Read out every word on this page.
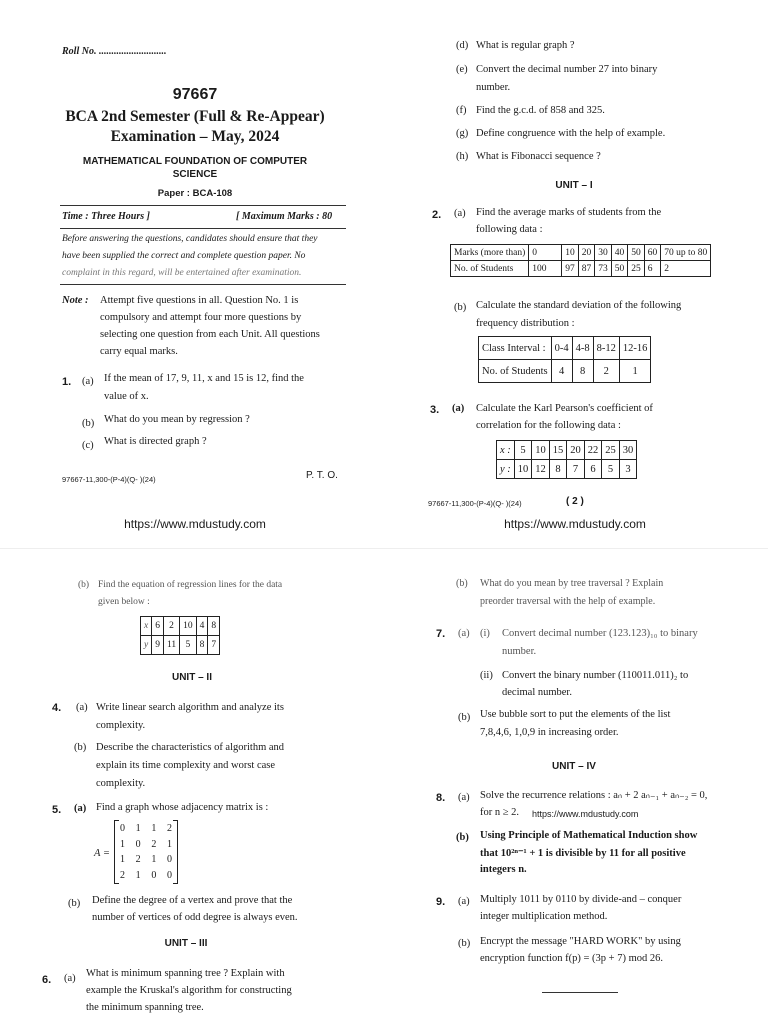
Roll No. ...........................
97667
BCA 2nd Semester (Full & Re-Appear)
Examination – May, 2024
MATHEMATICAL FOUNDATION OF COMPUTER
SCIENCE
Paper : BCA-108
Time : Three Hours ]	[ Maximum Marks : 80
Before answering the questions, candidates should ensure that they
have been supplied the correct and complete question paper. No
complaint in this regard, will be entertained after examination.
Note : Attempt five questions in all. Question No. 1 is
compulsory and attempt four more questions by
selecting one question from each Unit. All questions
carry equal marks.
1. (a) If the mean of 17, 9, 11, x and 15 is 12, find the
value of x.
(b) What do you mean by regression ?
(c) What is directed graph ?
97667-11,300-(P-4)(Q- )(24)	P. T. O.
https://www.mdustudy.com
(d) What is regular graph ?
(e) Convert the decimal number 27 into binary
number.
(f) Find the g.c.d. of 858 and 325.
(g) Define congruence with the help of example.
(h) What is Fibonacci sequence ?
UNIT – I
2. (a) Find the average marks of students from the
following data :
Marks (more than)	0	10	20	30	40	50	60	70 up to 80
No. of Students	100	97	87	73	50	25	6	2
(b) Calculate the standard deviation of the following
frequency distribution :
Class Interval :	0-4	4-8	8-12	12-16
No. of Students	4	8	2	1
3. (a) Calculate the Karl Pearson's coefficient of
correlation for the following data :
x :	5	10	15	20	22	25	30
y :	10	12	8	7	6	5	3
97667-11,300-(P-4)(Q- )(24)	( 2 )
https://www.mdustudy.com
(b) Find the equation of regression lines for the data
given below :
x	6	2	10	4	8
y	9	11	5	8	7
UNIT – II
4. (a) Write linear search algorithm and analyze its
complexity.
(b) Describe the characteristics of algorithm and
explain its time complexity and worst case
complexity.
5. (a) Find a graph whose adjacency matrix is :
A =
0 1 1 2
1 0 2 1
1 2 1 0
2 1 0 0
(b) Define the degree of a vertex and prove that the
number of vertices of odd degree is always even.
UNIT – III
6. (a) What is minimum spanning tree ? Explain with
example the Kruskal's algorithm for constructing
the minimum spanning tree.
(b) What do you mean by tree traversal ? Explain
preorder traversal with the help of example.
7. (a) (i) Convert decimal number (123.123)₁₀ to binary
number.
(ii) Convert the binary number (110011.011)₂ to
decimal number.
(b) Use bubble sort to put the elements of the list
7,8,4,6, 1,0,9 in increasing order.
UNIT – IV
8. (a) Solve the recurrence relations : aₙ + 2 aₙ₋₁ + aₙ₋₂ = 0,
for n ≥ 2. https://www.mdustudy.com
(b) Using Principle of Mathematical Induction show
that 10²ⁿ⁻¹ + 1 is divisible by 11 for all positive
integers n.
9. (a) Multiply 1011 by 0110 by divide-and – conquer
integer multiplication method.
(b) Encrypt the message "HARD WORK" by using
encryption function f(p) = (3p + 7) mod 26.
